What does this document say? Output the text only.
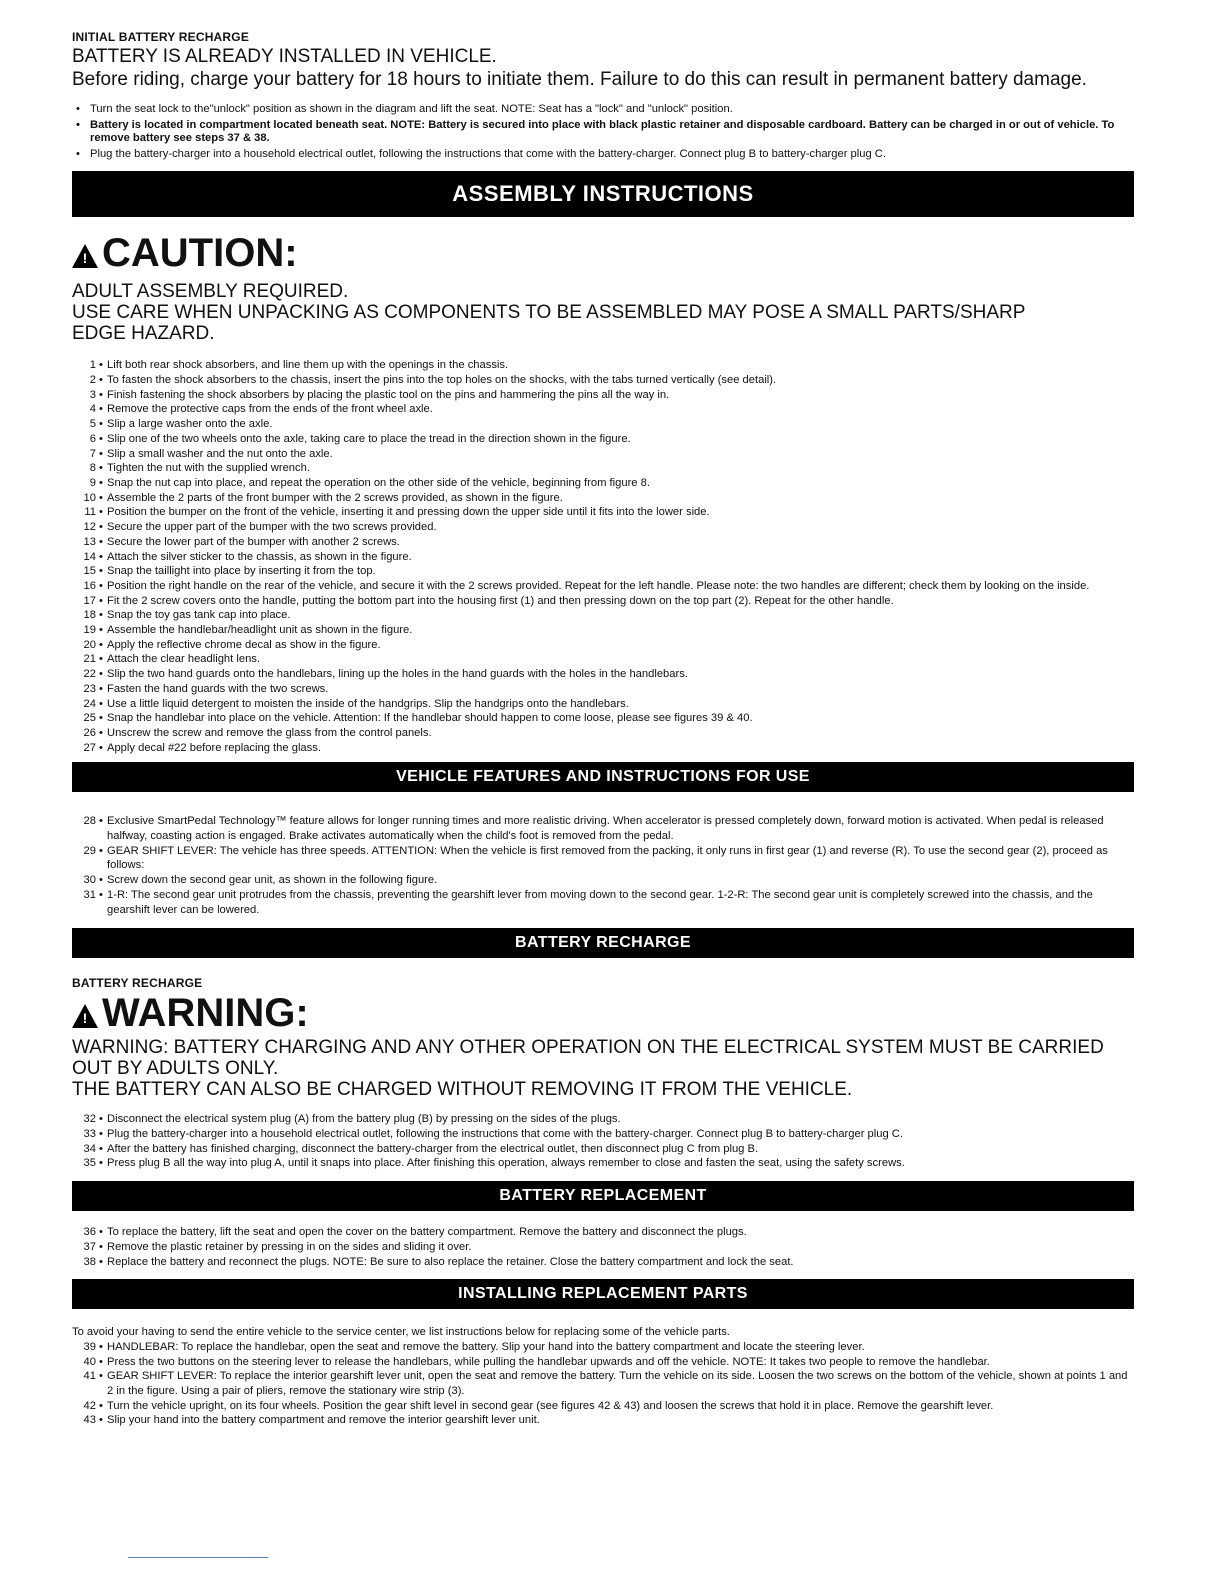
INITIAL BATTERY RECHARGE

BATTERY IS ALREADY INSTALLED IN VEHICLE.

Before riding, charge your battery for 18 hours to initiate them. Failure to do this can result in permanent battery damage.

• Turn the seat lock to the"unlock" position as shown in the diagram and lift the seat. NOTE: Seat has a "lock" and "unlock" position.
• Battery is located in compartment located beneath seat. NOTE: Battery is secured into place with black plastic retainer and disposable cardboard. Battery can be charged in or out of vehicle. To remove battery see steps 37 & 38.
• Plug the battery-charger into a household electrical outlet, following the instructions that come with the battery-charger. Connect plug B to battery-charger plug C.
ASSEMBLY INSTRUCTIONS
! CAUTION:

ADULT ASSEMBLY REQUIRED.

USE CARE WHEN UNPACKING AS COMPONENTS TO BE ASSEMBLED MAY POSE A SMALL PARTS/SHARP EDGE HAZARD.

1 • Lift both rear shock absorbers, and line them up with the openings in the chassis.
2 • To fasten the shock absorbers to the chassis, insert the pins into the top holes on the shocks, with the tabs turned vertically (see detail).
3 • Finish fastening the shock absorbers by placing the plastic tool on the pins and hammering the pins all the way in.
4 • Remove the protective caps from the ends of the front wheel axle.
5 • Slip a large washer onto the axle.
6 • Slip one of the two wheels onto the axle, taking care to place the tread in the direction shown in the figure.
7 • Slip a small washer and the nut onto the axle.
8 • Tighten the nut with the supplied wrench.
9 • Snap the nut cap into place, and repeat the operation on the other side of the vehicle, beginning from figure 8.
10 • Assemble the 2 parts of the front bumper with the 2 screws provided, as shown in the figure.
11 • Position the bumper on the front of the vehicle, inserting it and pressing down the upper side until it fits into the lower side.
12 • Secure the upper part of the bumper with the two screws provided.
13 • Secure the lower part of the bumper with another 2 screws.
14 • Attach the silver sticker to the chassis, as shown in the figure.
15 • Snap the taillight into place by inserting it from the top.
16 • Position the right handle on the rear of the vehicle, and secure it with the 2 screws provided. Repeat for the left handle. Please note: the two handles are different; check them by looking on the inside.
17 • Fit the 2 screw covers onto the handle, putting the bottom part into the housing first (1) and then pressing down on the top part (2). Repeat for the other handle.
18 • Snap the toy gas tank cap into place.
19 • Assemble the handlebar/headlight unit as shown in the figure.
20 • Apply the reflective chrome decal as show in the figure.
21 • Attach the clear headlight lens.
22 • Slip the two hand guards onto the handlebars, lining up the holes in the hand guards with the holes in the handlebars.
23 • Fasten the hand guards with the two screws.
24 • Use a little liquid detergent to moisten the inside of the handgrips. Slip the handgrips onto the handlebars.
25 • Snap the handlebar into place on the vehicle. Attention: If the handlebar should happen to come loose, please see figures 39 & 40.
26 • Unscrew the screw and remove the glass from the control panels.
27 • Apply decal #22 before replacing the glass.
VEHICLE FEATURES AND INSTRUCTIONS FOR USE
28 • Exclusive SmartPedal Technology™ feature allows for longer running times and more realistic driving. When accelerator is pressed completely down, forward motion is activated. When pedal is released halfway, coasting action is engaged. Brake activates automatically when the child's foot is removed from the pedal.
29 • GEAR SHIFT LEVER: The vehicle has three speeds. ATTENTION: When the vehicle is first removed from the packing, it only runs in first gear (1) and reverse (R). To use the second gear (2), proceed as follows:
30 • Screw down the second gear unit, as shown in the following figure.
31 • 1-R: The second gear unit protrudes from the chassis, preventing the gearshift lever from moving down to the second gear. 1-2-R: The second gear unit is completely screwed into the chassis, and the gearshift lever can be lowered.
BATTERY RECHARGE

BATTERY RECHARGE

! WARNING:

WARNING: BATTERY CHARGING AND ANY OTHER OPERATION ON THE ELECTRICAL SYSTEM MUST BE CARRIED OUT BY ADULTS ONLY.

THE BATTERY CAN ALSO BE CHARGED WITHOUT REMOVING IT FROM THE VEHICLE.

32 • Disconnect the electrical system plug (A) from the battery plug (B) by pressing on the sides of the plugs.
33 • Plug the battery-charger into a household electrical outlet, following the instructions that come with the battery-charger. Connect plug B to battery-charger plug C.
34 • After the battery has finished charging, disconnect the battery-charger from the electrical outlet, then disconnect plug C from plug B.
35 • Press plug B all the way into plug A, until it snaps into place. After finishing this operation, always remember to close and fasten the seat, using the safety screws.
BATTERY REPLACEMENT
36 • To replace the battery, lift the seat and open the cover on the battery compartment. Remove the battery and disconnect the plugs.
37 • Remove the plastic retainer by pressing in on the sides and sliding it over.
38 • Replace the battery and reconnect the plugs. NOTE: Be sure to also replace the retainer. Close the battery compartment and lock the seat.
INSTALLING REPLACEMENT PARTS

To avoid your having to send the entire vehicle to the service center, we list instructions below for replacing some of the vehicle parts.

39 • HANDLEBAR: To replace the handlebar, open the seat and remove the battery. Slip your hand into the battery compartment and locate the steering lever.
40 • Press the two buttons on the steering lever to release the handlebars, while pulling the handlebar upwards and off the vehicle. NOTE: It takes two people to remove the handlebar.
41 • GEAR SHIFT LEVER: To replace the interior gearshift lever unit, open the seat and remove the battery. Turn the vehicle on its side. Loosen the two screws on the bottom of the vehicle, shown at points 1 and 2 in the figure. Using a pair of pliers, remove the stationary wire strip (3).
42 • Turn the vehicle upright, on its four wheels. Position the gear shift level in second gear (see figures 42 & 43) and loosen the screws that hold it in place. Remove the gearshift lever.
43 • Slip your hand into the battery compartment and remove the interior gearshift lever unit.
